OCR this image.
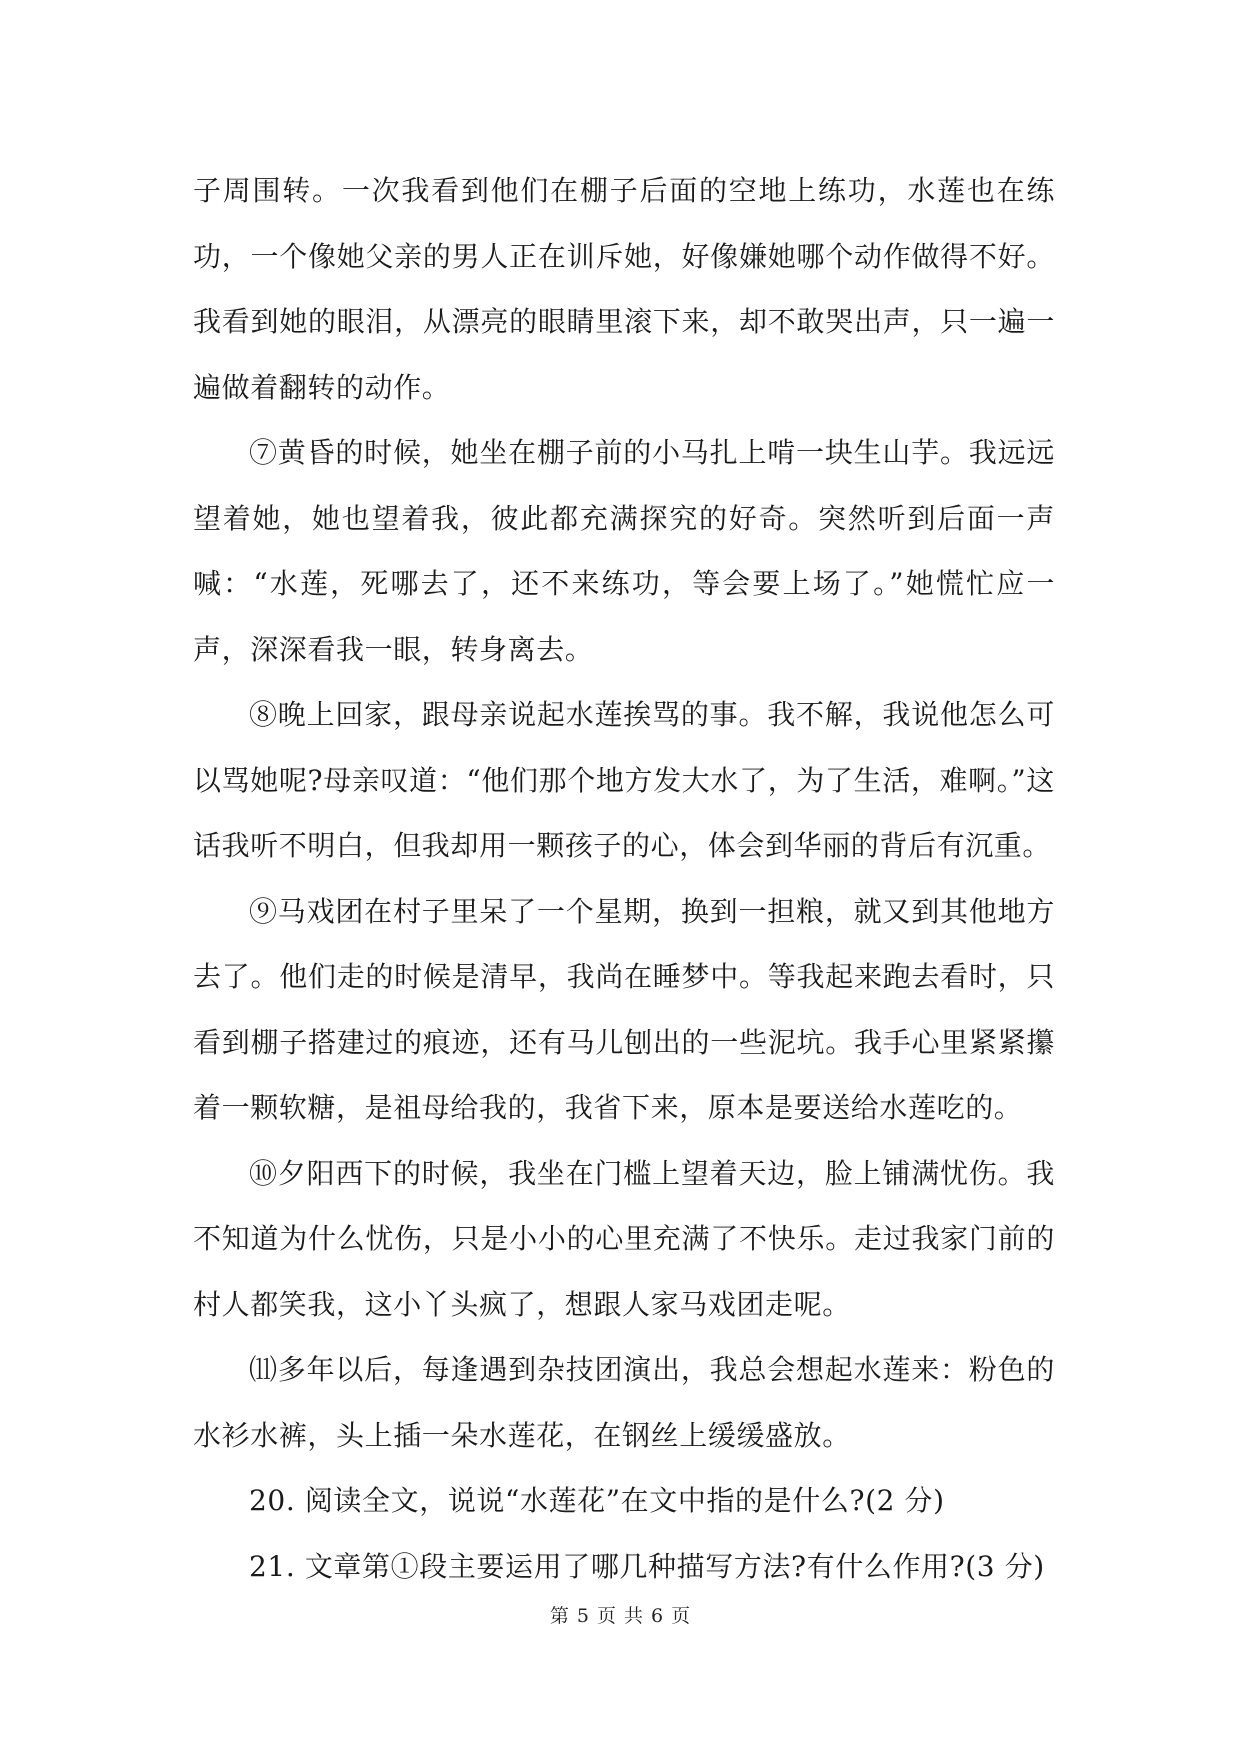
子周围转。一次我看到他们在棚子后面的空地上练功，水莲也在练功，一个像她父亲的男人正在训斥她，好像嫌她哪个动作做得不好。我看到她的眼泪，从漂亮的眼睛里滚下来，却不敢哭出声，只一遍一遍做着翻转的动作。

⑦黄昏的时候，她坐在棚子前的小马扎上啃一块生山芋。我远远望着她，她也望着我，彼此都充满探究的好奇。突然听到后面一声喊：“水莲，死哪去了，还不来练功，等会要上场了。”她慌忙应一声，深深看我一眼，转身离去。

⑧晚上回家，跟母亲说起水莲挨骂的事。我不解，我说他怎么可以骂她呢?母亲叹道：“他们那个地方发大水了，为了生活，难啊。”这话我听不明白，但我却用一颗孩子的心，体会到华丽的背后有沉重。

⑨马戏团在村子里呆了一个星期，换到一担粮，就又到其他地方去了。他们走的时候是清早，我尚在睡梦中。等我起来跑去看时，只看到棚子搭建过的痕迹，还有马儿刨出的一些泥坑。我手心里紧紧攥着一颗软糖，是祖母给我的，我省下来，原本是要送给水莲吃的。

⑩夕阳西下的时候，我坐在门槛上望着天边，脸上铺满忧伤。我不知道为什么忧伤，只是小小的心里充满了不快乐。走过我家门前的村人都笑我，这小丫头疯了，想跟人家马戏团走呢。

⑾多年以后，每逢遇到杂技团演出，我总会想起水莲来：粉色的水衫水裤，头上插一朵水莲花，在钢丝上缓缓盛放。

20. 阅读全文，说说“水莲花”在文中指的是什么?(2 分)

21. 文章第①段主要运用了哪几种描写方法?有什么作用?(3 分)

第 5 页 共 6 页
